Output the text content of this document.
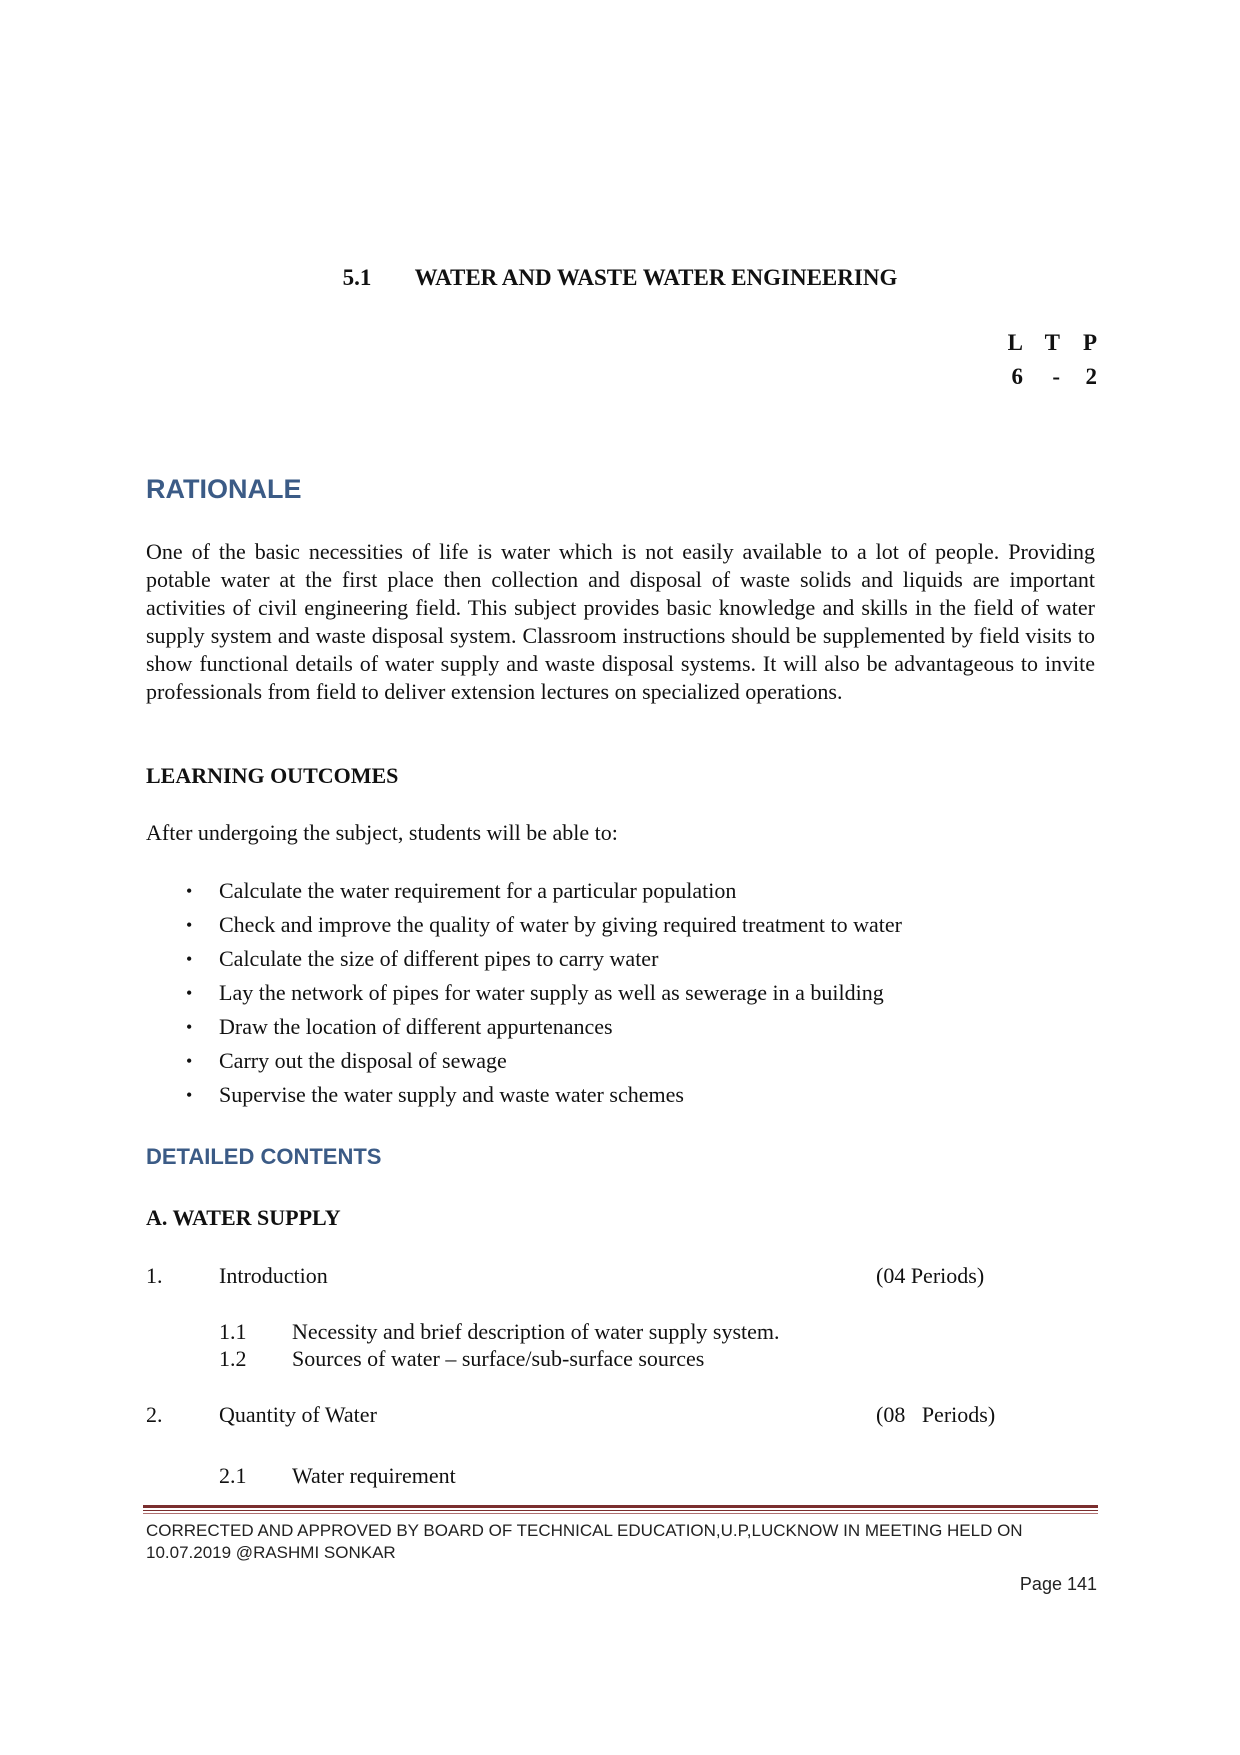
5.1 WATER AND WASTE WATER ENGINEERING
L T P
6	-	2
RATIONALE
One of the basic necessities of life is water which is not easily available to a lot of people. Providing potable water at the first place then collection and disposal of waste solids and liquids are important activities of civil engineering field. This subject provides basic knowledge and skills in the field of water supply system and waste disposal system. Classroom instructions should be supplemented by field visits to show functional details of water supply and waste disposal systems. It will also be advantageous to invite professionals from field to deliver extension lectures on specialized operations.
LEARNING OUTCOMES
After undergoing the subject, students will be able to:
• Calculate the water requirement for a particular population
• Check and improve the quality of water by giving required treatment to water
• Calculate the size of different pipes to carry water
• Lay the network of pipes for water supply as well as sewerage in a building
• Draw the location of different appurtenances
• Carry out the disposal of sewage
• Supervise the water supply and waste water schemes
DETAILED CONTENTS
A. WATER SUPPLY
1.	Introduction	(04 Periods)
1.1 Necessity and brief description of water supply system.
1.2 Sources of water – surface/sub-surface sources
2.	Quantity of Water	(08   Periods)
2.1 Water requirement
CORRECTED AND APPROVED BY BOARD OF TECHNICAL EDUCATION,U.P,LUCKNOW IN MEETING HELD ON
10.07.2019 @RASHMI SONKAR
Page 141
